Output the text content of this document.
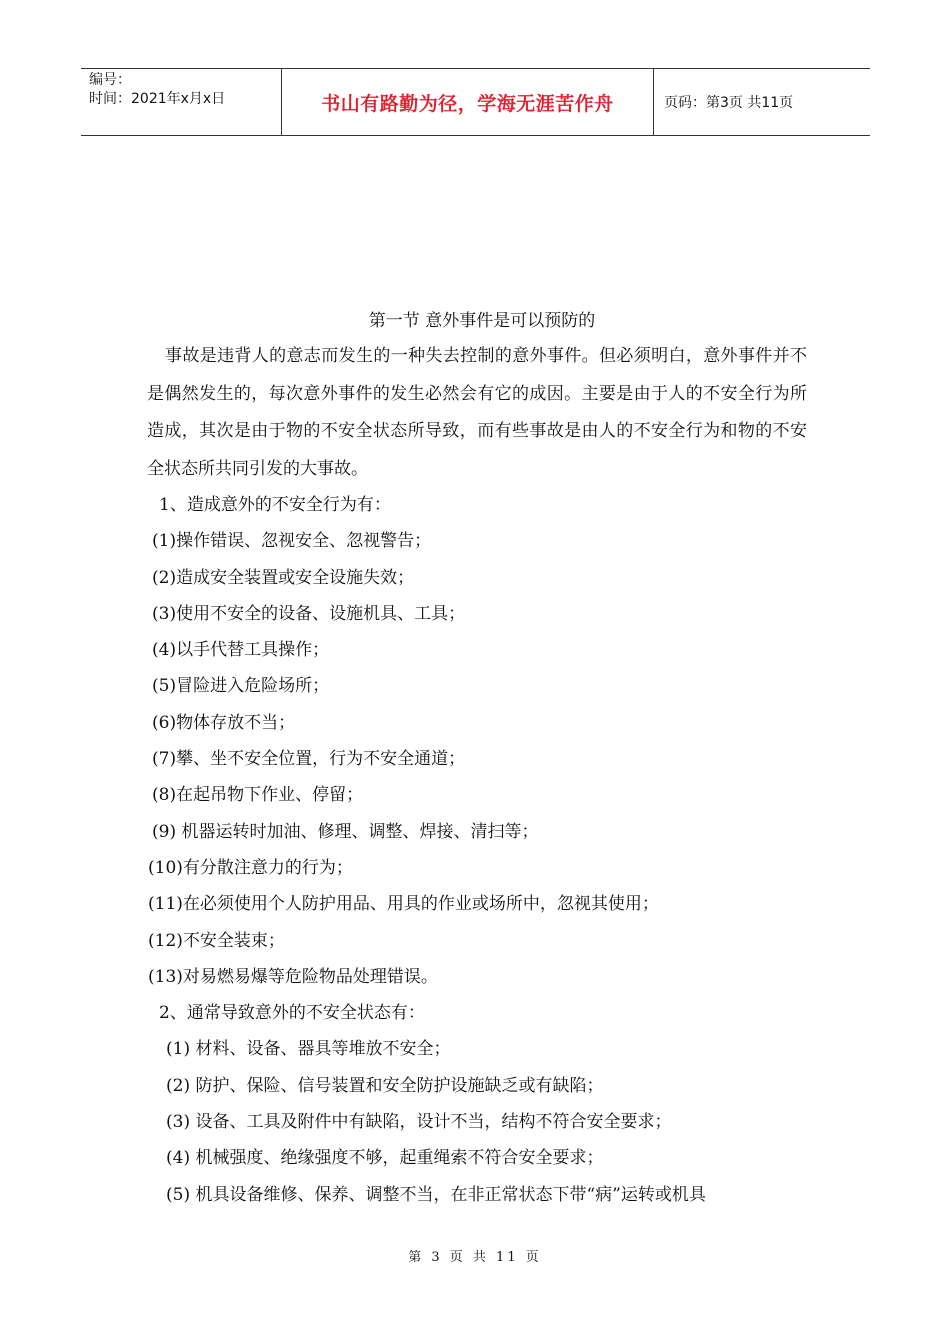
编号：
时间：2021年x月x日	书山有路勤为径，学海无涯苦作舟	页码：第3页 共11页
第一节 意外事件是可以预防的

事故是违背人的意志而发生的一种失去控制的意外事件。但必须明白，意外事件并不是偶然发生的，每次意外事件的发生必然会有它的成因。主要是由于人的不安全行为所造成，其次是由于物的不安全状态所导致，而有些事故是由人的不安全行为和物的不安全状态所共同引发的大事故。

1、造成意外的不安全行为有：
(1)操作错误、忽视安全、忽视警告；
(2)造成安全装置或安全设施失效；
(3)使用不安全的设备、设施机具、工具；
(4)以手代替工具操作；
(5)冒险进入危险场所；
(6)物体存放不当；
(7)攀、坐不安全位置，行为不安全通道；
(8)在起吊物下作业、停留；
(9) 机器运转时加油、修理、调整、焊接、清扫等；
(10)有分散注意力的行为；
(11)在必须使用个人防护用品、用具的作业或场所中，忽视其使用；
(12)不安全装束；
(13)对易燃易爆等危险物品处理错误。
2、通常导致意外的不安全状态有：
(1) 材料、设备、器具等堆放不安全；
(2) 防护、保险、信号装置和安全防护设施缺乏或有缺陷；
(3) 设备、工具及附件中有缺陷，设计不当，结构不符合安全要求；
(4) 机械强度、绝缘强度不够，起重绳索不符合安全要求；
(5) 机具设备维修、保养、调整不当，在非正常状态下带“病”运转或机具
第 3 页 共 11 页
